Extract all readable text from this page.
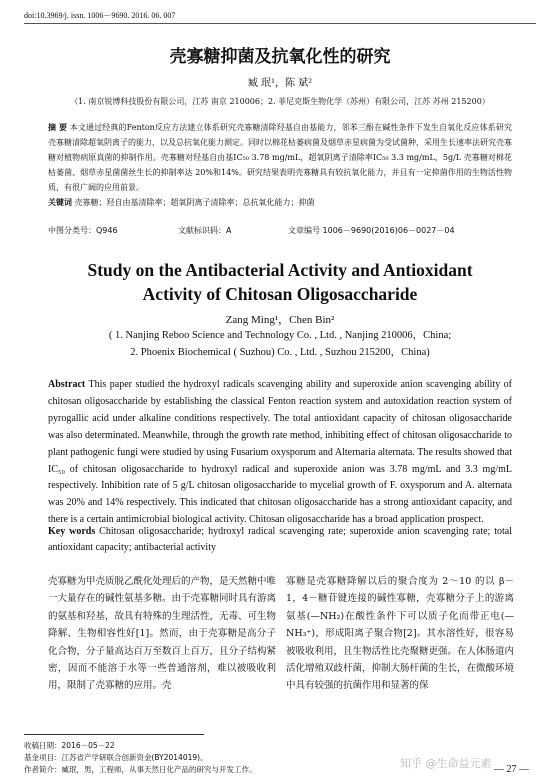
doi:10.3969/j. issn. 1006－9690. 2016. 06. 007
壳寡糖抑菌及抗氧化性的研究
臧 珉¹，陈 斌²
（1. 南京锐博科技股份有限公司，江苏 南京 210006；2. 菲尼克斯生物化学（苏州）有限公司，江苏 苏州 215200）
摘 要 本文通过经典的Fenton反应方法建立体系研究壳寡糖清除羟基自由基能力，邻苯三酚在碱性条件下发生自氧化反应体系研究壳寡糖清除超氧阴离子的能力，以及总抗氧化能力测定。同时以棉花枯萎病菌及烟草赤星病菌为受试菌种，采用生长速率法研究壳寡糖对植物病原真菌的抑制作用。壳寡糖对羟基自由基IC₅₀ 3.78 mg/mL，超氧阴离子清除率IC₅₀ 3.3 mg/mL，5g/L 壳寡糖对棉花枯萎菌、烟草赤星菌菌丝生长的抑制率达 20%和14%。研究结果表明壳寡糖具有较抗氧化能力，并且有一定抑菌作用的生物活性物质，有很广阔的应用前景。
关键词 壳寡糖；羟自由基清除率；超氧阴离子清除率；总抗氧化能力；抑菌
中图分类号：Q946	文献标识码：A	文章编号 1006－9690(2016)06－0027－04
Study on the Antibacterial Activity and Antioxidant
Activity of Chitosan Oligosaccharide
Zang Ming¹，Chen Bin²
( 1. Nanjing Reboo Science and Technology Co. , Ltd. , Nanjing 210006，China;
2. Phoenix Biochemical ( Suzhou) Co. , Ltd. , Suzhou 215200，China)
Abstract This paper studied the hydroxyl radicals scavenging ability and superoxide anion scavenging ability of chitosan oligosaccharide by establishing the classical Fenton reaction system and autoxidation reaction system of pyrogallic acid under alkaline conditions respectively. The total antioxidant capacity of chitosan oligosaccharide was also determinated. Meanwhile, through the growth rate method, inhibiting effect of chitosan oligosaccharide to plant pathogenic fungi were studied by using Fusarium oxysporum and Alternaria alternata. The results showed that IC₅₀ of chitosan oligosaccharide to hydroxyl radical and superoxide anion was 3.78 mg/mL and 3.3 mg/mL respectively. Inhibition rate of 5 g/L chitosan oligosaccharide to mycelial growth of F. oxysporum and A. alternata was 20% and 14% respectively. This indicated that chitosan oligosaccharide has a strong antioxidant capacity, and there is a certain antimicrobial biological activity. Chitosan oligosaccharide has a broad application prospect.
Key words Chitosan oligosaccharide; hydroxyl radical scavenging rate; superoxide anion scavenging rate; total antioxidant capacity; antibacterial activity
壳寡糖为甲壳质脱乙酰化处理后的产物，是天然糖中唯一大量存在的碱性氨基多糖。由于壳寡糖同时具有游离的氨基和羟基，故具有特殊的生理活性，无毒、可生物降解、生物相容性好[1]。然而，由于壳寡糖是高分子化合物，分子量高达百万至数百上百万，且分子结构紧密，因而不能溶于水等一些普通溶剂，难以被吸收利用，限制了壳寡糖的应用。壳
寡糖是壳寡糖降解以后的聚合度为 2～10 的以 β－1，4－糖苷键连接的碱性寡糖，壳寡糖分子上的游离氨基(—NH₂)在酸性条件下可以质子化而带正电(—NH₃⁺)，形成阳离子聚合物[2]。其水溶性好，很容易被吸收利用，且生物活性比壳聚糖更强。在人体肠道内活化增殖双歧杆菌，抑制大肠杆菌的生长，在微酸环境中具有较强的抗菌作用和显著的保
收稿日期：2016－05－22
基金项目：江苏省产学研联合创新资金(BY2014019)。
作者简介：臧珉，男，工程师，从事天然日化产品的研究与开发工作。	知乎 @生命益元素 — 27 —
